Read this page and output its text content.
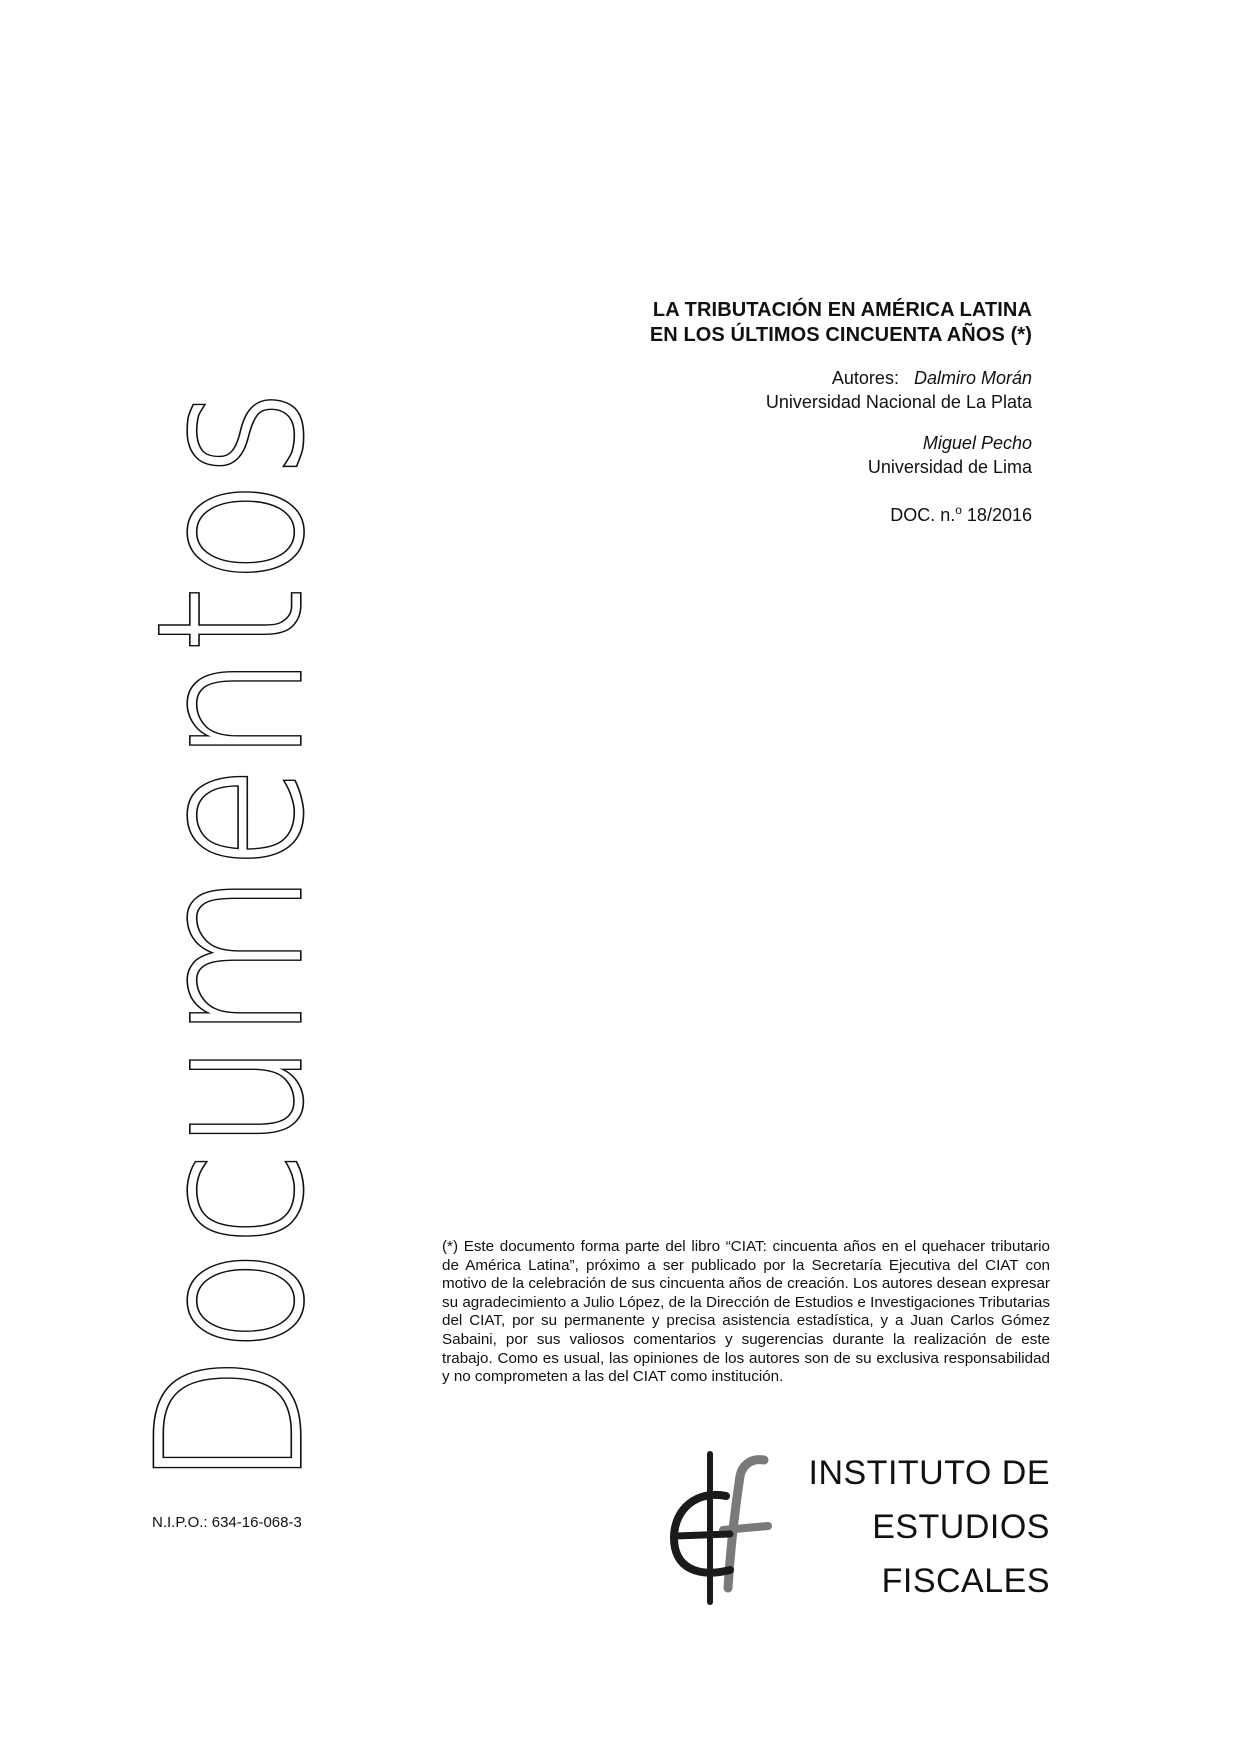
Documentos	LA TRIBUTACIÓN EN AMÉRICA LATINA
EN LOS ÚLTIMOS CINCUENTA AÑOS (*)
Autores: Dalmiro Morán
Universidad Nacional de La Plata
Miguel Pecho
Universidad de Lima
DOC. n.$^o$ 18/2016
(*) Este documento forma parte del libro “CIAT: cincuenta años en el quehacer tributario de América Latina”, próximo a ser publicado por la Secretaría Ejecutiva del CIAT con motivo de la celebración de sus cincuenta años de creación. Los autores desean expresar su agradecimiento a Julio López, de la Dirección de Estudios e Investigaciones Tributarias del CIAT, por su permanente y precisa asistencia estadística, y a Juan Carlos Gómez Sabaini, por sus valiosos comentarios y sugerencias durante la realización de este trabajo. Como es usual, las opiniones de los autores son de su exclusiva responsabilidad y no comprometen a las del CIAT como institución.
N.I.P.O.: 634-16-068-3
INSTITUTO DE
ESTUDIOS
FISCALES
